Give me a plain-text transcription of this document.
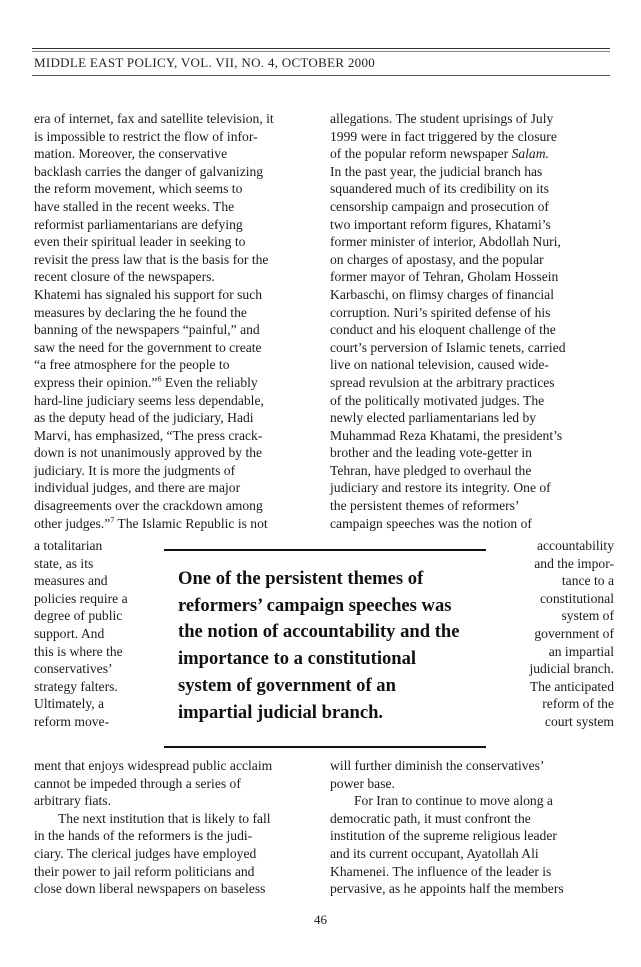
MIDDLE EAST POLICY, VOL. VII, NO. 4, OCTOBER 2000
era of internet, fax and satellite television, it
is impossible to restrict the flow of infor-
mation. Moreover, the conservative
backlash carries the danger of galvanizing
the reform movement, which seems to
have stalled in the recent weeks. The
reformist parliamentarians are defying
even their spiritual leader in seeking to
revisit the press law that is the basis for the
recent closure of the newspapers.
Khatemi has signaled his support for such
measures by declaring the he found the
banning of the newspapers “painful,” and
saw the need for the government to create
“a free atmosphere for the people to
express their opinion.”$^6$ Even the reliably
hard-line judiciary seems less dependable,
as the deputy head of the judiciary, Hadi
Marvi, has emphasized, “The press crack-
down is not unanimously approved by the
judiciary. It is more the judgments of
individual judges, and there are major
disagreements over the crackdown among
other judges.”$^7$ The Islamic Republic is not
allegations. The student uprisings of July
1999 were in fact triggered by the closure
of the popular reform newspaper Salam.
In the past year, the judicial branch has
squandered much of its credibility on its
censorship campaign and prosecution of
two important reform figures, Khatami’s
former minister of interior, Abdollah Nuri,
on charges of apostasy, and the popular
former mayor of Tehran, Gholam Hossein
Karbaschi, on flimsy charges of financial
corruption. Nuri’s spirited defense of his
conduct and his eloquent challenge of the
court’s perversion of Islamic tenets, carried
live on national television, caused wide-
spread revulsion at the arbitrary practices
of the politically motivated judges. The
newly elected parliamentarians led by
Muhammad Reza Khatami, the president’s
brother and the leading vote-getter in
Tehran, have pledged to overhaul the
judiciary and restore its integrity. One of
the persistent themes of reformers’
campaign speeches was the notion of
a totalitarian
state, as its
measures and
policies require a
degree of public
support. And
this is where the
conservatives’
strategy falters.
Ultimately, a
reform move-
One of the persistent themes of
reformers’ campaign speeches was
the notion of accountability and the
importance to a constitutional
system of government of an
impartial judicial branch.
accountability
and the impor-
tance to a
constitutional
system of
government of
an impartial
judicial branch.
The anticipated
reform of the
court system
ment that enjoys widespread public acclaim
cannot be impeded through a series of
arbitrary fiats.
The next institution that is likely to fall
in the hands of the reformers is the judi-
ciary. The clerical judges have employed
their power to jail reform politicians and
close down liberal newspapers on baseless
will further diminish the conservatives’
power base.
For Iran to continue to move along a
democratic path, it must confront the
institution of the supreme religious leader
and its current occupant, Ayatollah Ali
Khamenei. The influence of the leader is
pervasive, as he appoints half the members
46
